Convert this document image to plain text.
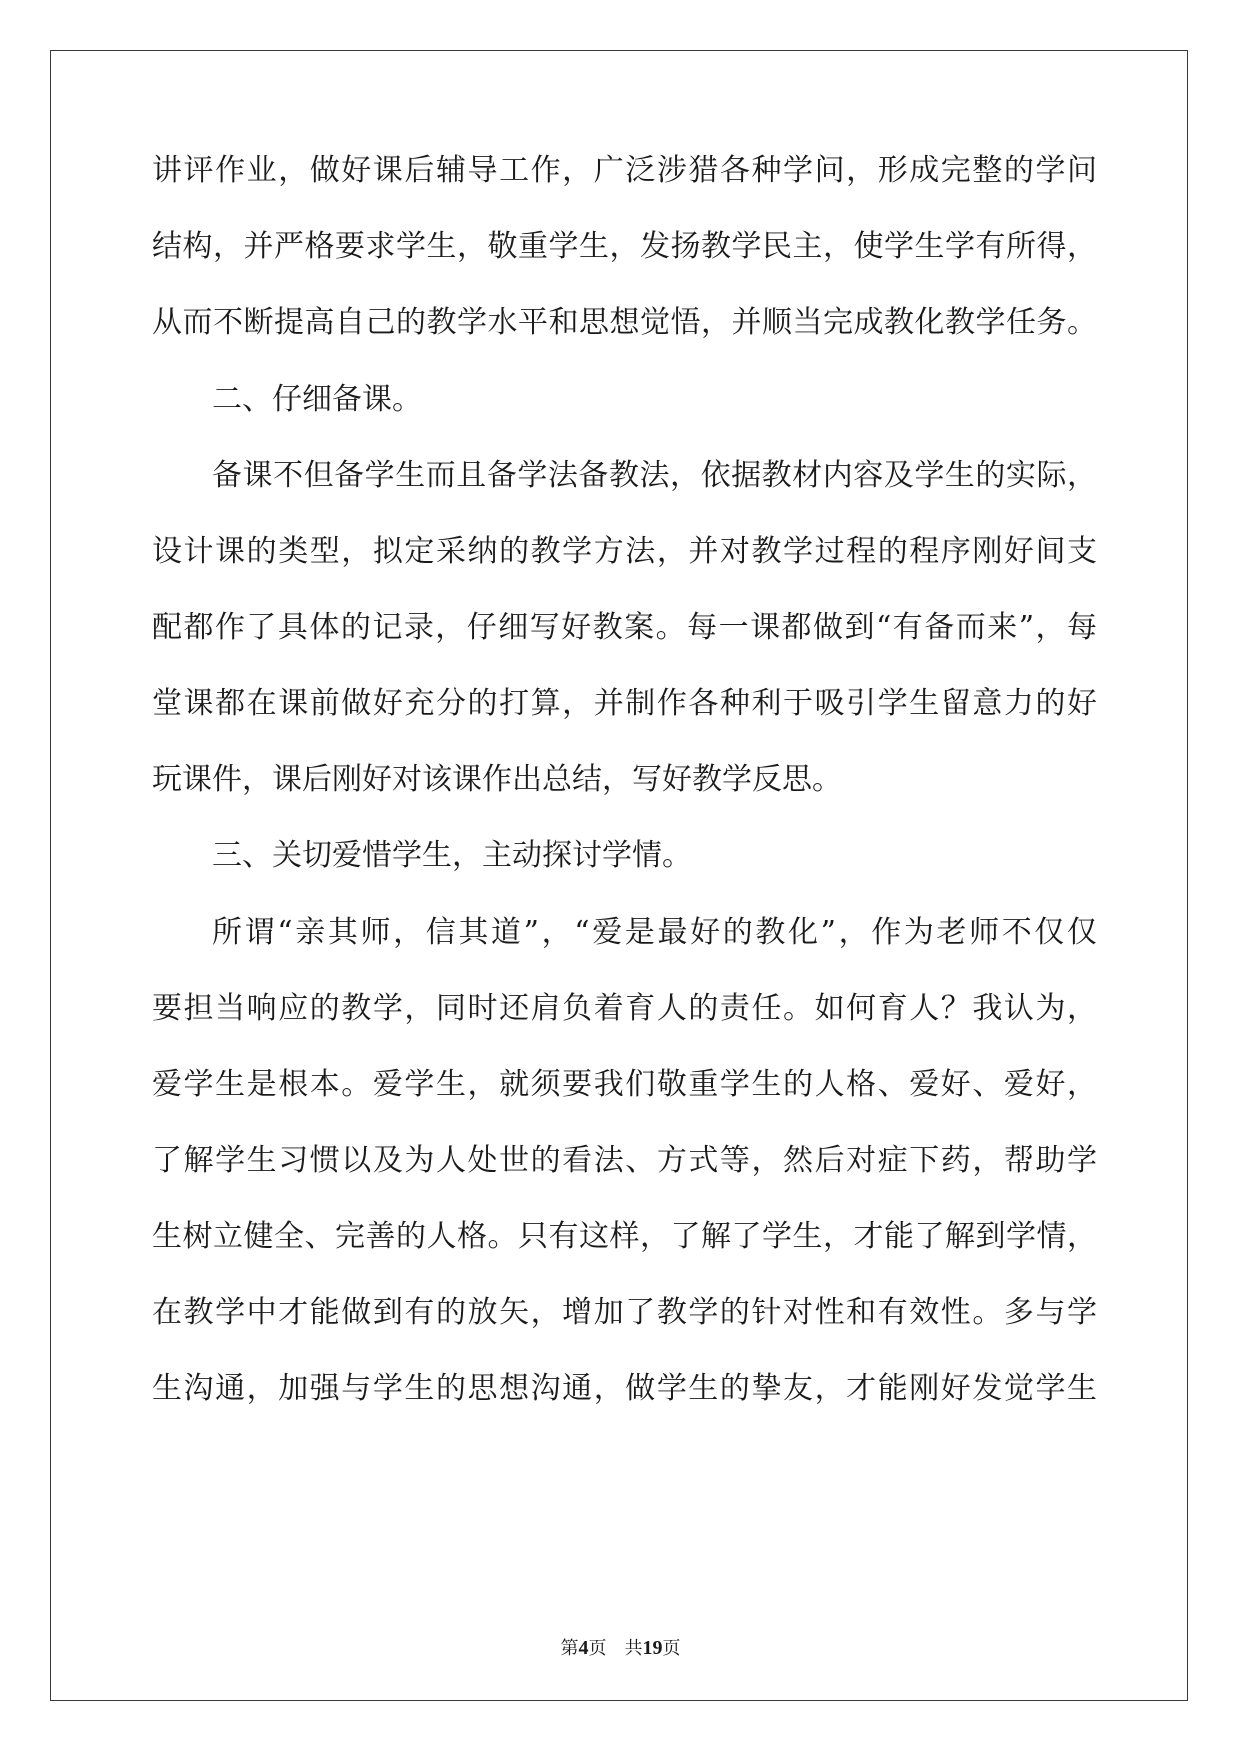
讲评作业，做好课后辅导工作，广泛涉猎各种学问，形成完整的学问
结构，并严格要求学生，敬重学生，发扬教学民主，使学生学有所得，
从而不断提高自己的教学水平和思想觉悟，并顺当完成教化教学任务。
二、仔细备课。
备课不但备学生而且备学法备教法，依据教材内容及学生的实际，
设计课的类型，拟定采纳的教学方法，并对教学过程的程序刚好间支
配都作了具体的记录，仔细写好教案。每一课都做到“有备而来”，每
堂课都在课前做好充分的打算，并制作各种利于吸引学生留意力的好
玩课件，课后刚好对该课作出总结，写好教学反思。
三、关切爱惜学生，主动探讨学情。
所谓“亲其师，信其道”，“爱是最好的教化”，作为老师不仅仅
要担当响应的教学，同时还肩负着育人的责任。如何育人？我认为，
爱学生是根本。爱学生，就须要我们敬重学生的人格、爱好、爱好，
了解学生习惯以及为人处世的看法、方式等，然后对症下药，帮助学
生树立健全、完善的人格。只有这样，了解了学生，才能了解到学情，
在教学中才能做到有的放矢，增加了教学的针对性和有效性。多与学
生沟通，加强与学生的思想沟通，做学生的挚友，才能刚好发觉学生
第4页 共19页
